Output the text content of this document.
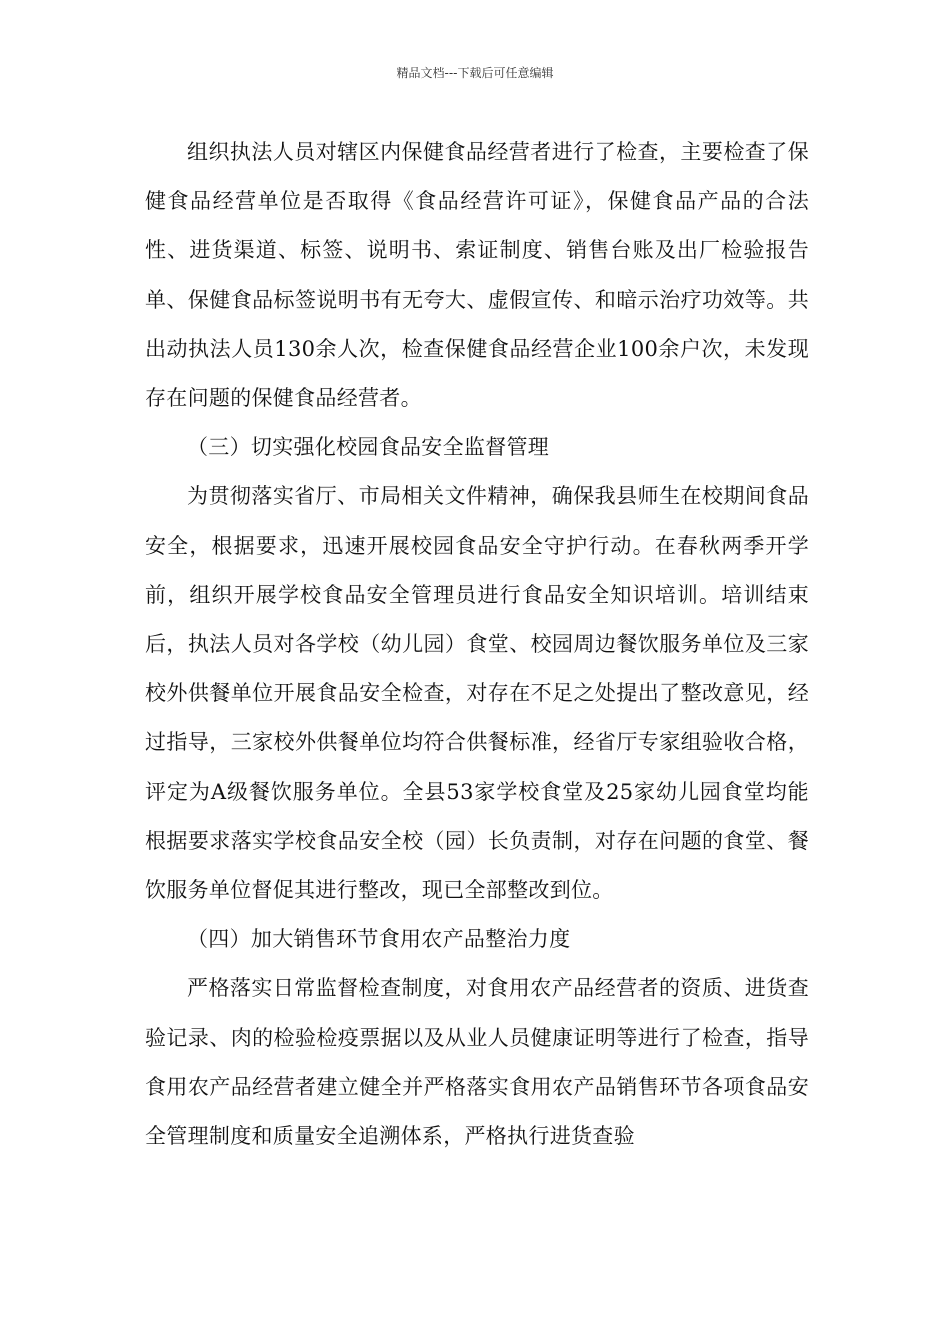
精品文档---下载后可任意编辑

组织执法人员对辖区内保健食品经营者进行了检查，主要检查了保健食品经营单位是否取得《食品经营许可证》，保健食品产品的合法性、进货渠道、标签、说明书、索证制度、销售台账及出厂检验报告单、保健食品标签说明书有无夸大、虚假宣传、和暗示治疗功效等。共出动执法人员130余人次，检查保健食品经营企业100余户次，未发现存在问题的保健食品经营者。

（三）切实强化校园食品安全监督管理

为贯彻落实省厅、市局相关文件精神，确保我县师生在校期间食品安全，根据要求，迅速开展校园食品安全守护行动。在春秋两季开学前，组织开展学校食品安全管理员进行食品安全知识培训。培训结束后，执法人员对各学校（幼儿园）食堂、校园周边餐饮服务单位及三家校外供餐单位开展食品安全检查，对存在不足之处提出了整改意见，经过指导，三家校外供餐单位均符合供餐标准，经省厅专家组验收合格，评定为A级餐饮服务单位。全县53家学校食堂及25家幼儿园食堂均能根据要求落实学校食品安全校（园）长负责制，对存在问题的食堂、餐饮服务单位督促其进行整改，现已全部整改到位。

（四）加大销售环节食用农产品整治力度

严格落实日常监督检查制度，对食用农产品经营者的资质、进货查验记录、肉的检验检疫票据以及从业人员健康证明等进行了检查，指导食用农产品经营者建立健全并严格落实食用农产品销售环节各项食品安全管理制度和质量安全追溯体系，严格执行进货查验
